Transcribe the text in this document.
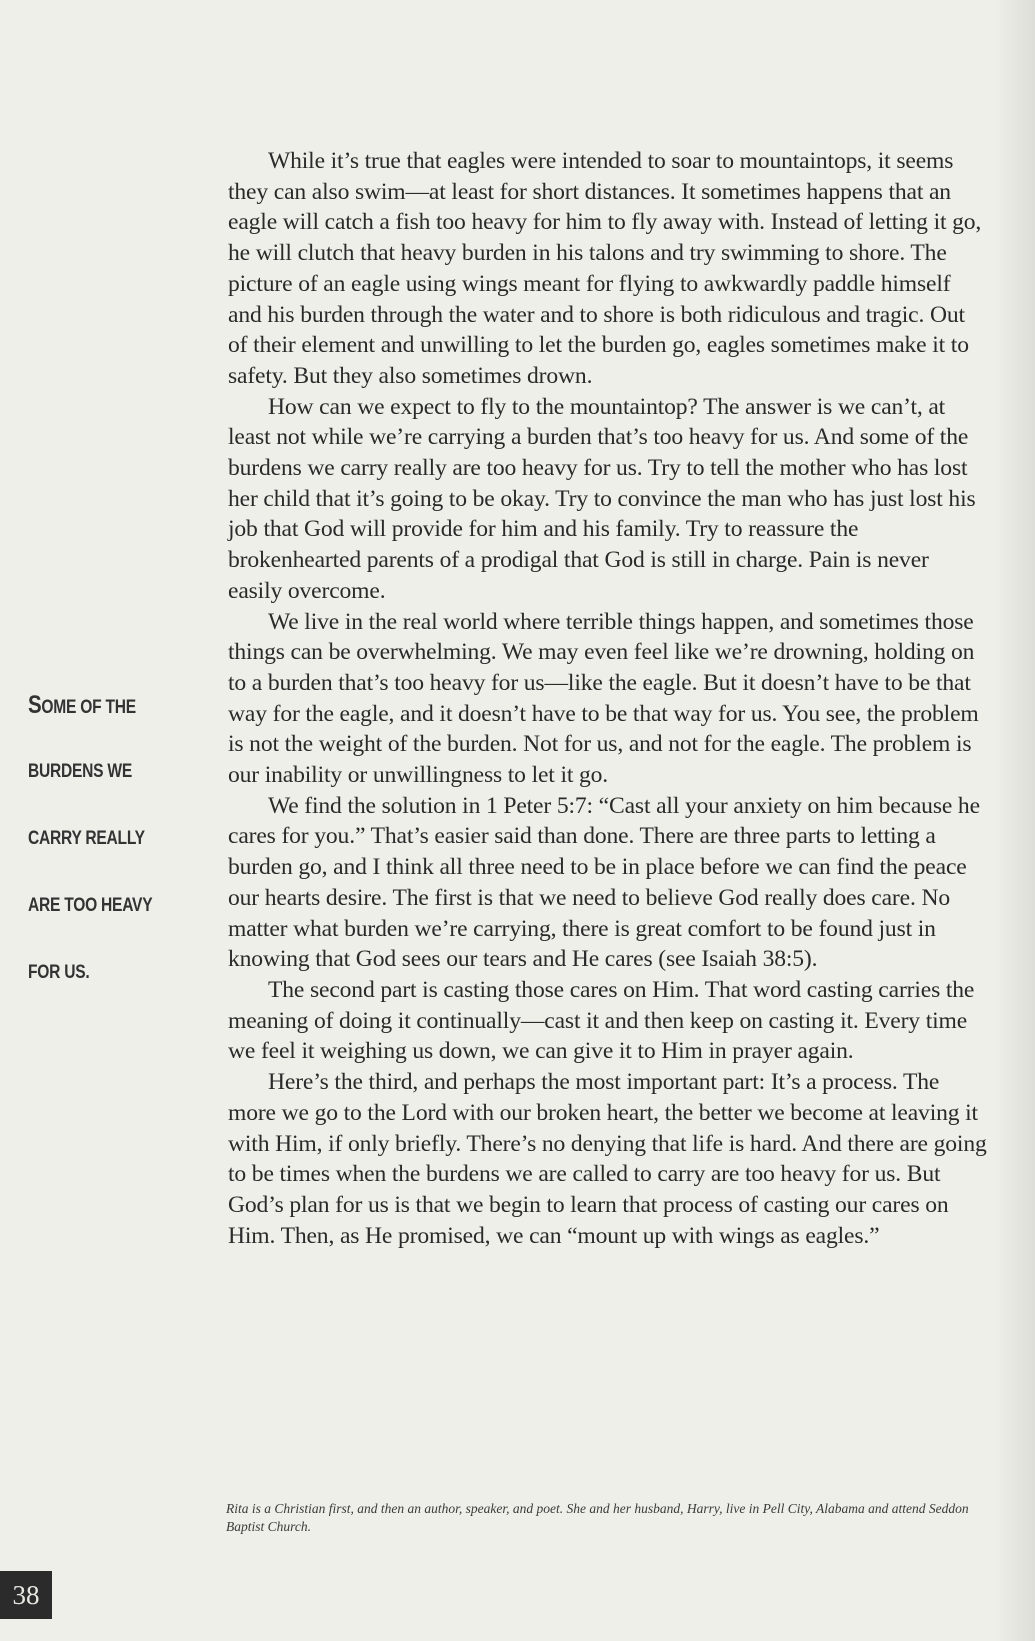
SOME OF THE
BURDENS WE
CARRY REALLY
ARE TOO HEAVY
FOR US.

While it’s true that eagles were intended to soar to mountaintops, it seems they can also swim—at least for short distances. It sometimes happens that an eagle will catch a fish too heavy for him to fly away with. Instead of letting it go, he will clutch that heavy burden in his talons and try swimming to shore. The picture of an eagle using wings meant for flying to awkwardly paddle himself and his burden through the water and to shore is both ridiculous and tragic. Out of their element and unwilling to let the burden go, eagles sometimes make it to safety. But they also sometimes drown.

How can we expect to fly to the mountaintop? The answer is we can’t, at least not while we’re carrying a burden that’s too heavy for us. And some of the burdens we carry really are too heavy for us. Try to tell the mother who has lost her child that it’s going to be okay. Try to convince the man who has just lost his job that God will provide for him and his family. Try to reassure the brokenhearted parents of a prodigal that God is still in charge. Pain is never easily overcome.

We live in the real world where terrible things happen, and sometimes those things can be overwhelming. We may even feel like we’re drowning, holding on to a burden that’s too heavy for us—like the eagle. But it doesn’t have to be that way for the eagle, and it doesn’t have to be that way for us. You see, the problem is not the weight of the burden. Not for us, and not for the eagle. The problem is our inability or unwillingness to let it go.

We find the solution in 1 Peter 5:7: “Cast all your anxiety on him because he cares for you.” That’s easier said than done. There are three parts to letting a burden go, and I think all three need to be in place before we can find the peace our hearts desire. The first is that we need to believe God really does care. No matter what burden we’re carrying, there is great comfort to be found just in knowing that God sees our tears and He cares (see Isaiah 38:5).

The second part is casting those cares on Him. That word casting carries the meaning of doing it continually—cast it and then keep on casting it. Every time we feel it weighing us down, we can give it to Him in prayer again.

Here’s the third, and perhaps the most important part: It’s a process. The more we go to the Lord with our broken heart, the better we become at leaving it with Him, if only briefly. There’s no denying that life is hard. And there are going to be times when the burdens we are called to carry are too heavy for us. But God’s plan for us is that we begin to learn that process of casting our cares on Him. Then, as He promised, we can “mount up with wings as eagles.”

Rita is a Christian first, and then an author, speaker, and poet. She and her husband, Harry, live in Pell City, Alabama and attend Seddon Baptist Church.
38
